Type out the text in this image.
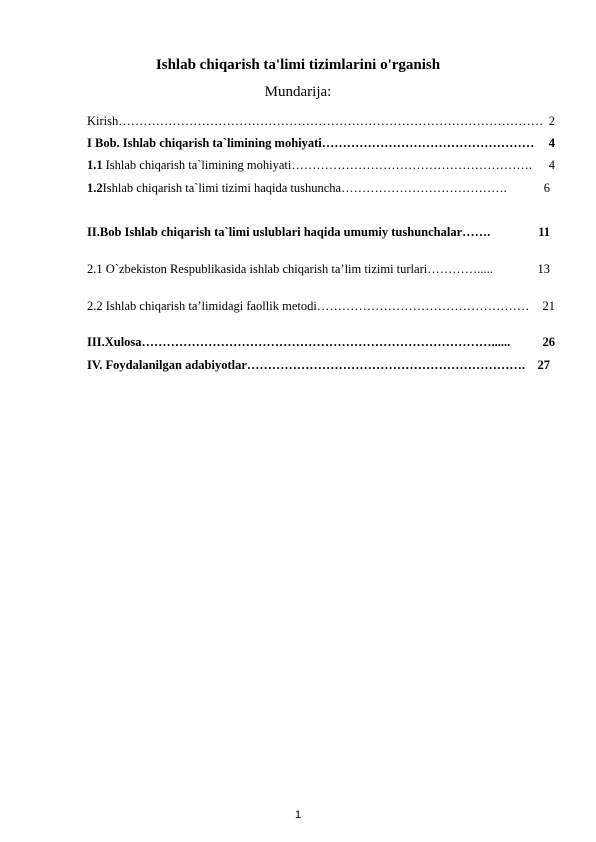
Ishlab chiqarish ta'limi tizimlarini o'rganish
Mundarija:
Kirish ………………………………………………………………………………………… 2
I Bob. Ishlab chiqarish ta`limining mohiyati ……………………………………………	4
1.1 Ishlab chiqarish ta`limining mohiyati ………………………………………………….	4
1.2 Ishlab chiqarish ta`limi tizimi haqida tushuncha ………………………………….	6
II.Bob Ishlab chiqarish ta`limi uslublari haqida umumiy tushunchalar …….	11
2.1 O`zbekiston Respublikasida ishlab chiqarish ta’lim tizimi turlari ………….....	13
2.2 Ishlab chiqarish ta’limidagi faollik metodi ……………………………………………	21
III.Xulosa …………………………………………………………………………......	26
IV. Foydalanilgan adabiyotlar …………………………………………………………. 27
1
